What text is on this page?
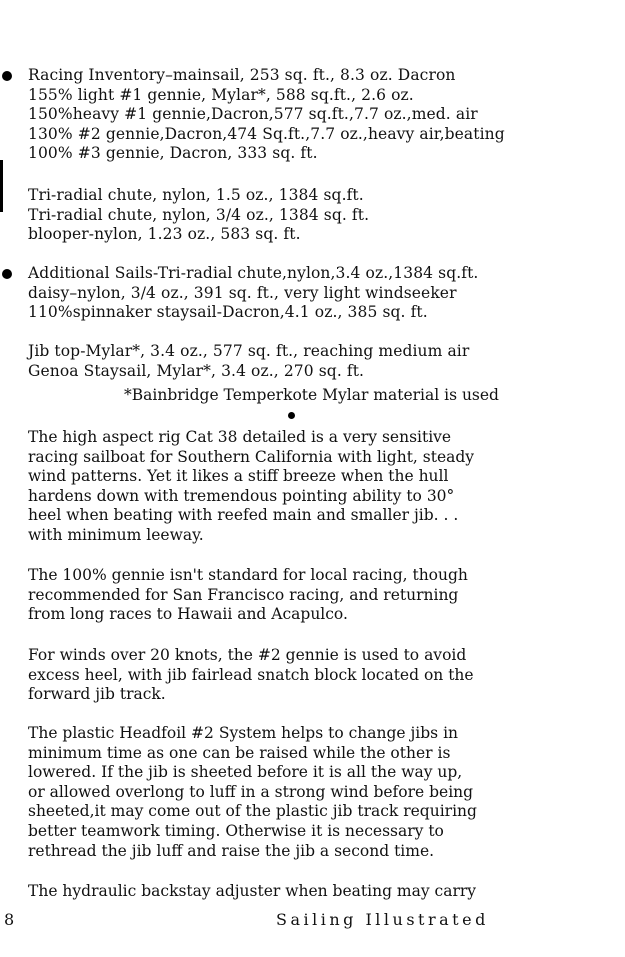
Racing Inventory–mainsail, 253 sq. ft., 8.3 oz. Dacron
155% light #1 gennie, Mylar*, 588 sq.ft., 2.6 oz.
150%heavy #1 gennie,Dacron,577 sq.ft.,7.7 oz.,med. air
130% #2 gennie,Dacron,474 Sq.ft.,7.7 oz.,heavy air,beating
100% #3 gennie, Dacron, 333 sq. ft.
Tri-radial chute, nylon, 1.5 oz., 1384 sq.ft.
Tri-radial chute, nylon, 3/4 oz., 1384 sq. ft.
blooper-nylon, 1.23 oz., 583 sq. ft.
Additional Sails-Tri-radial chute,nylon,3.4 oz.,1384 sq.ft.
daisy–nylon, 3/4 oz., 391 sq. ft., very light windseeker
110%spinnaker staysail-Dacron,4.1 oz., 385 sq. ft.
Jib top-Mylar*, 3.4 oz., 577 sq. ft., reaching medium air
Genoa Staysail, Mylar*, 3.4 oz., 270 sq. ft.
*Bainbridge Temperkote Mylar material is used
The high aspect rig Cat 38 detailed is a very sensitive
racing sailboat for Southern California with light, steady
wind patterns. Yet it likes a stiff breeze when the hull
hardens down with tremendous pointing ability to 30°
heel when beating with reefed main and smaller jib. . .
with minimum leeway.
The 100% gennie isn't standard for local racing, though
recommended for San Francisco racing, and returning
from long races to Hawaii and Acapulco.
For winds over 20 knots, the #2 gennie is used to avoid
excess heel, with jib fairlead snatch block located on the
forward jib track.
The plastic Headfoil #2 System helps to change jibs in
minimum time as one can be raised while the other is
lowered. If the jib is sheeted before it is all the way up,
or allowed overlong to luff in a strong wind before being
sheeted,it may come out of the plastic jib track requiring
better teamwork timing. Otherwise it is necessary to
rethread the jib luff and raise the jib a second time.
The hydraulic backstay adjuster when beating may carry
8	Sailing Illustrated
